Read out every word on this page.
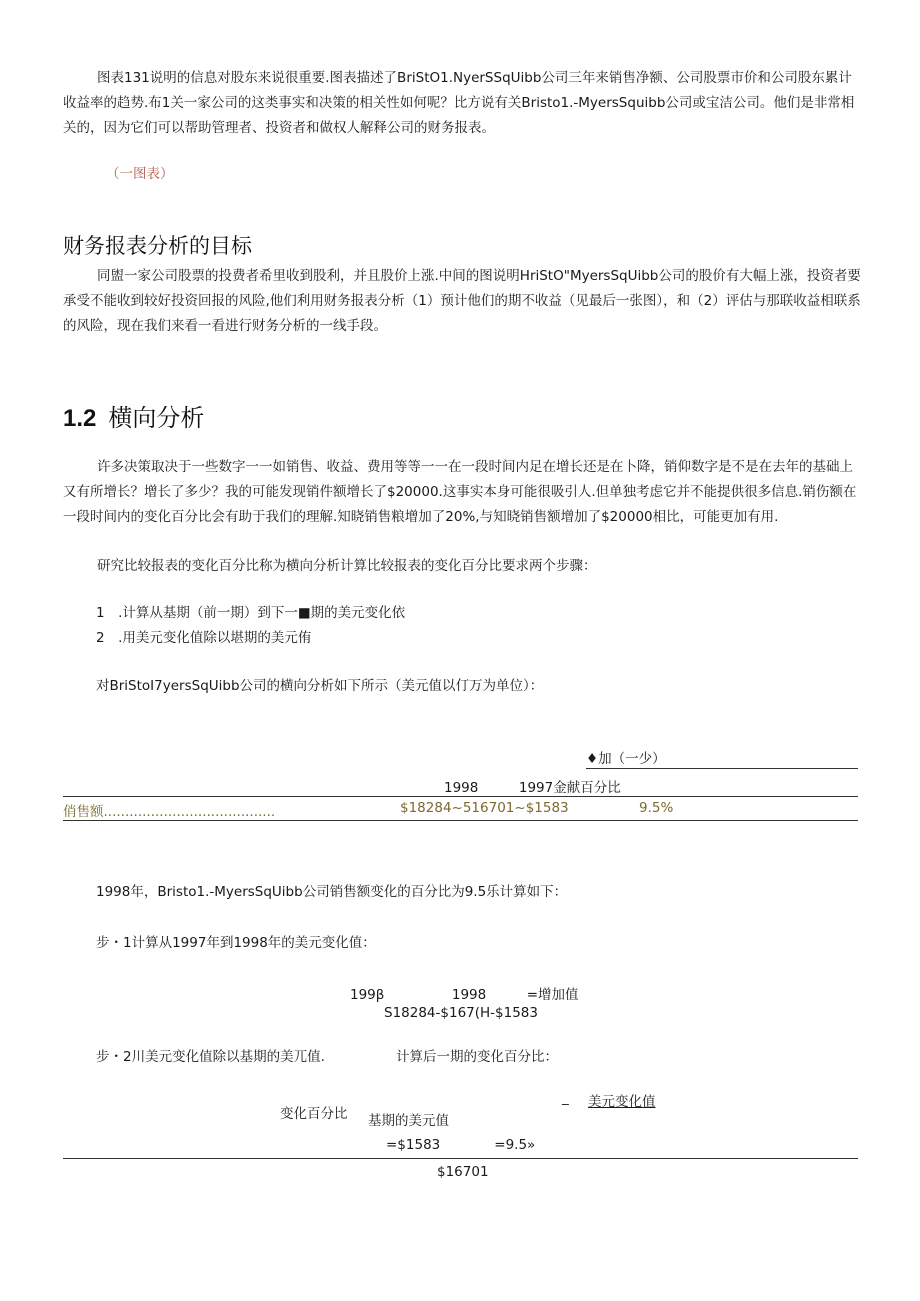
图表131说明的信息对股东来说很重要.图表描述了BriStO1.NyerSSqUibb公司三年来销售净额、公司股票市价和公司股东累计收益率的趋势.布1关一家公司的这类事实和决策的相关性如何呢？比方说有关Bristo1.-MyersSquibb公司或宝洁公司。他们是非常相关的，因为它们可以帮助管理者、投资者和做权人解释公司的财务报表。

（一图表）
财务报表分析的目标

同盥一家公司股票的投费者希里收到股利，并且股价上涨.中间的图说明HriStO"MyersSqUibb公司的股价有大幅上涨，投资者要承受不能收到较好投资回报的风险,他们利用财务报表分析（1）预计他们的期不收益（见最后一张图），和（2）评估与那联收益相联系的风险，现在我们来看一看进行财务分析的一线手段。

1.2 横向分析

许多决策取决于一些数字一一如销售、收益、费用等等一一在一段时间内足在增长还是在卜降，销仰数字是不是在去年的基础上又有所增长？增长了多少？我的可能发现销件额增长了$20000.这事实本身可能很吸引人.但单独考虑它并不能提供很多信息.销伤额在一段时间内的变化百分比会有助于我们的理解.知晓销售粮增加了20%,与知晓销售额增加了$20000相比，可能更加有用.

研究比较报表的变化百分比称为横向分析计算比较报表的变化百分比要求两个步骤：

1　.计算从基期（前一期）到下一■期的美元变化依
2　.用美元变化值除以堪期的美元侑
对BriStoI7yersSqUibb公司的横向分析如下所示（美元值以仃万为单位）：
♦加（一少）
1998   1997金献百分比
俏售额........................................	$18284~516701~$1583	9.5%
1998年，Bristo1.-MyersSqUibb公司销售额变化的百分比为9.5乐计算如下：
步・1计算从1997年到1998年的美元变化值：
199β     1998   =增加值
S18284-$167(H-$1583
步・2川美元变化值除以基期的美兀值.	计算后一期的变化百分比：
变化百分比 基期的美元值
_ 美元变化值
=$1583    =9.5»
$16701
